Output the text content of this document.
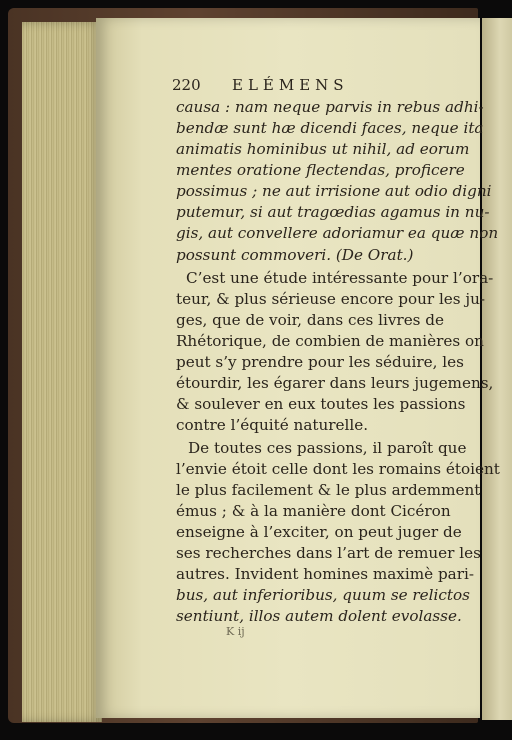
220 ELÉMENS
causa : nam neque parvis in rebus adhi-
bendæ sunt hæ dicendi faces, neque ita
animatis hominibus ut nihil, ad eorum
mentes oratione flectendas, proficere
possimus ; ne aut irrisione aut odio digni
putemur, si aut tragœdias agamus in nu-
gis, aut convellere adoriamur ea quæ non
possunt commoveri. (De Orat.)
C’est une étude intéressante pour l’ora-
teur, & plus sérieuse encore pour les ju-
ges, que de voir, dans ces livres de
Rhétorique, de combien de manières on
peut s’y prendre pour les séduire, les
étourdir, les égarer dans leurs jugemens,
& soulever en eux toutes les passions
contre l’équité naturelle.
De toutes ces passions, il paroît que
l’envie étoit celle dont les romains étoient
le plus facilement & le plus ardemment
émus ; & à la manière dont Cicéron
enseigne à l’exciter, on peut juger de
ses recherches dans l’art de remuer les
autres. Invident homines maximè pari-
bus, aut inferioribus, quum se relictos
sentiunt, illos autem dolent evolasse.
K ij
